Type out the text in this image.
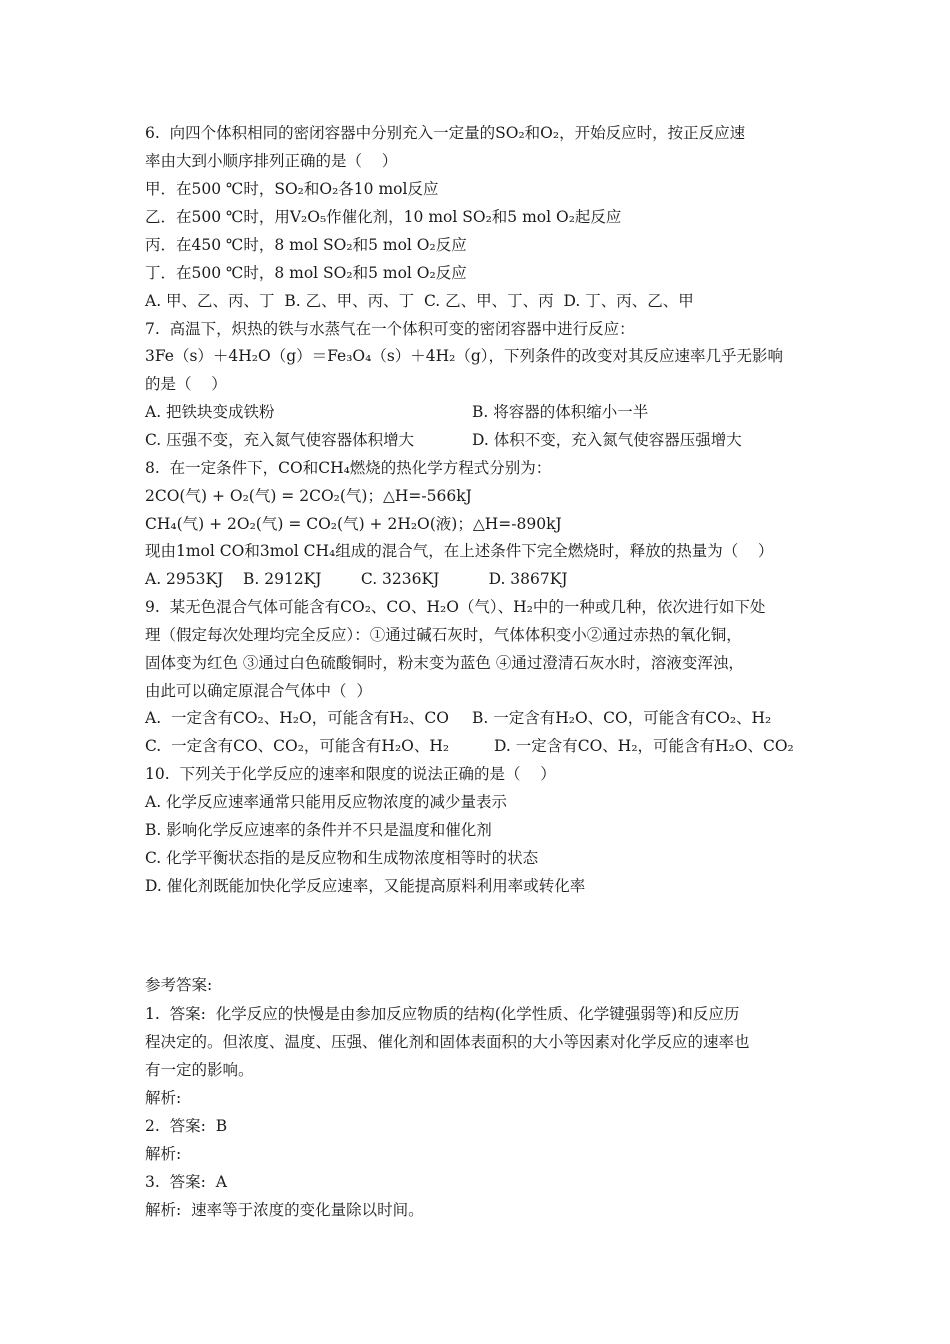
6.  向四个体积相同的密闭容器中分别充入一定量的SO₂和O₂，开始反应时，按正反应速
率由大到小顺序排列正确的是（    ）
甲．在500 ℃时，SO₂和O₂各10 mol反应
乙．在500 ℃时，用V₂O₅作催化剂，10 mol SO₂和5 mol O₂起反应
丙．在450 ℃时，8 mol SO₂和5 mol O₂反应
丁．在500 ℃时，8 mol SO₂和5 mol O₂反应
A. 甲、乙、丙、丁  B. 乙、甲、丙、丁  C. 乙、甲、丁、丙  D. 丁、丙、乙、甲
7.  高温下，炽热的铁与水蒸气在一个体积可变的密闭容器中进行反应：
3Fe（s）＋4H₂O（g）＝Fe₃O₄（s）＋4H₂（g），下列条件的改变对其反应速率几乎无影响
的是（    ）
A. 把铁块变成铁粉	B. 将容器的体积缩小一半
C. 压强不变，充入氮气使容器体积增大	D. 体积不变，充入氮气使容器压强增大
8.  在一定条件下，CO和CH₄燃烧的热化学方程式分别为：
2CO(气) + O₂(气) = 2CO₂(气)；△H=-566kJ
CH₄(气) + 2O₂(气) = CO₂(气) + 2H₂O(液)；△H=-890kJ
现由1mol CO和3mol CH₄组成的混合气，在上述条件下完全燃烧时，释放的热量为（    ）
A. 2953KJ    B. 2912KJ        C. 3236KJ          D. 3867KJ
9.  某无色混合气体可能含有CO₂、CO、H₂O（气）、H₂中的一种或几种，依次进行如下处
理（假定每次处理均完全反应）：①通过碱石灰时，气体体积变小②通过赤热的氧化铜，
固体变为红色 ③通过白色硫酸铜时，粉末变为蓝色 ④通过澄清石灰水时，溶液变浑浊，
由此可以确定原混合气体中（  ）
A.  一定含有CO₂、H₂O，可能含有H₂、CO B. 一定含有H₂O、CO，可能含有CO₂、H₂
C.  一定含有CO、CO₂，可能含有H₂O、H₂	D. 一定含有CO、H₂，可能含有H₂O、CO₂
10.  下列关于化学反应的速率和限度的说法正确的是（    ）
A. 化学反应速率通常只能用反应物浓度的减少量表示
B. 影响化学反应速率的条件并不只是温度和催化剂
C. 化学平衡状态指的是反应物和生成物浓度相等时的状态
D. 催化剂既能加快化学反应速率，又能提高原料利用率或转化率
参考答案:
1.  答案:  化学反应的快慢是由参加反应物质的结构(化学性质、化学键强弱等)和反应历
程决定的。但浓度、温度、压强、催化剂和固体表面积的大小等因素对化学反应的速率也
有一定的影响。
解析:
2.  答案:  B
解析:
3.  答案:  A
解析:  速率等于浓度的变化量除以时间。
